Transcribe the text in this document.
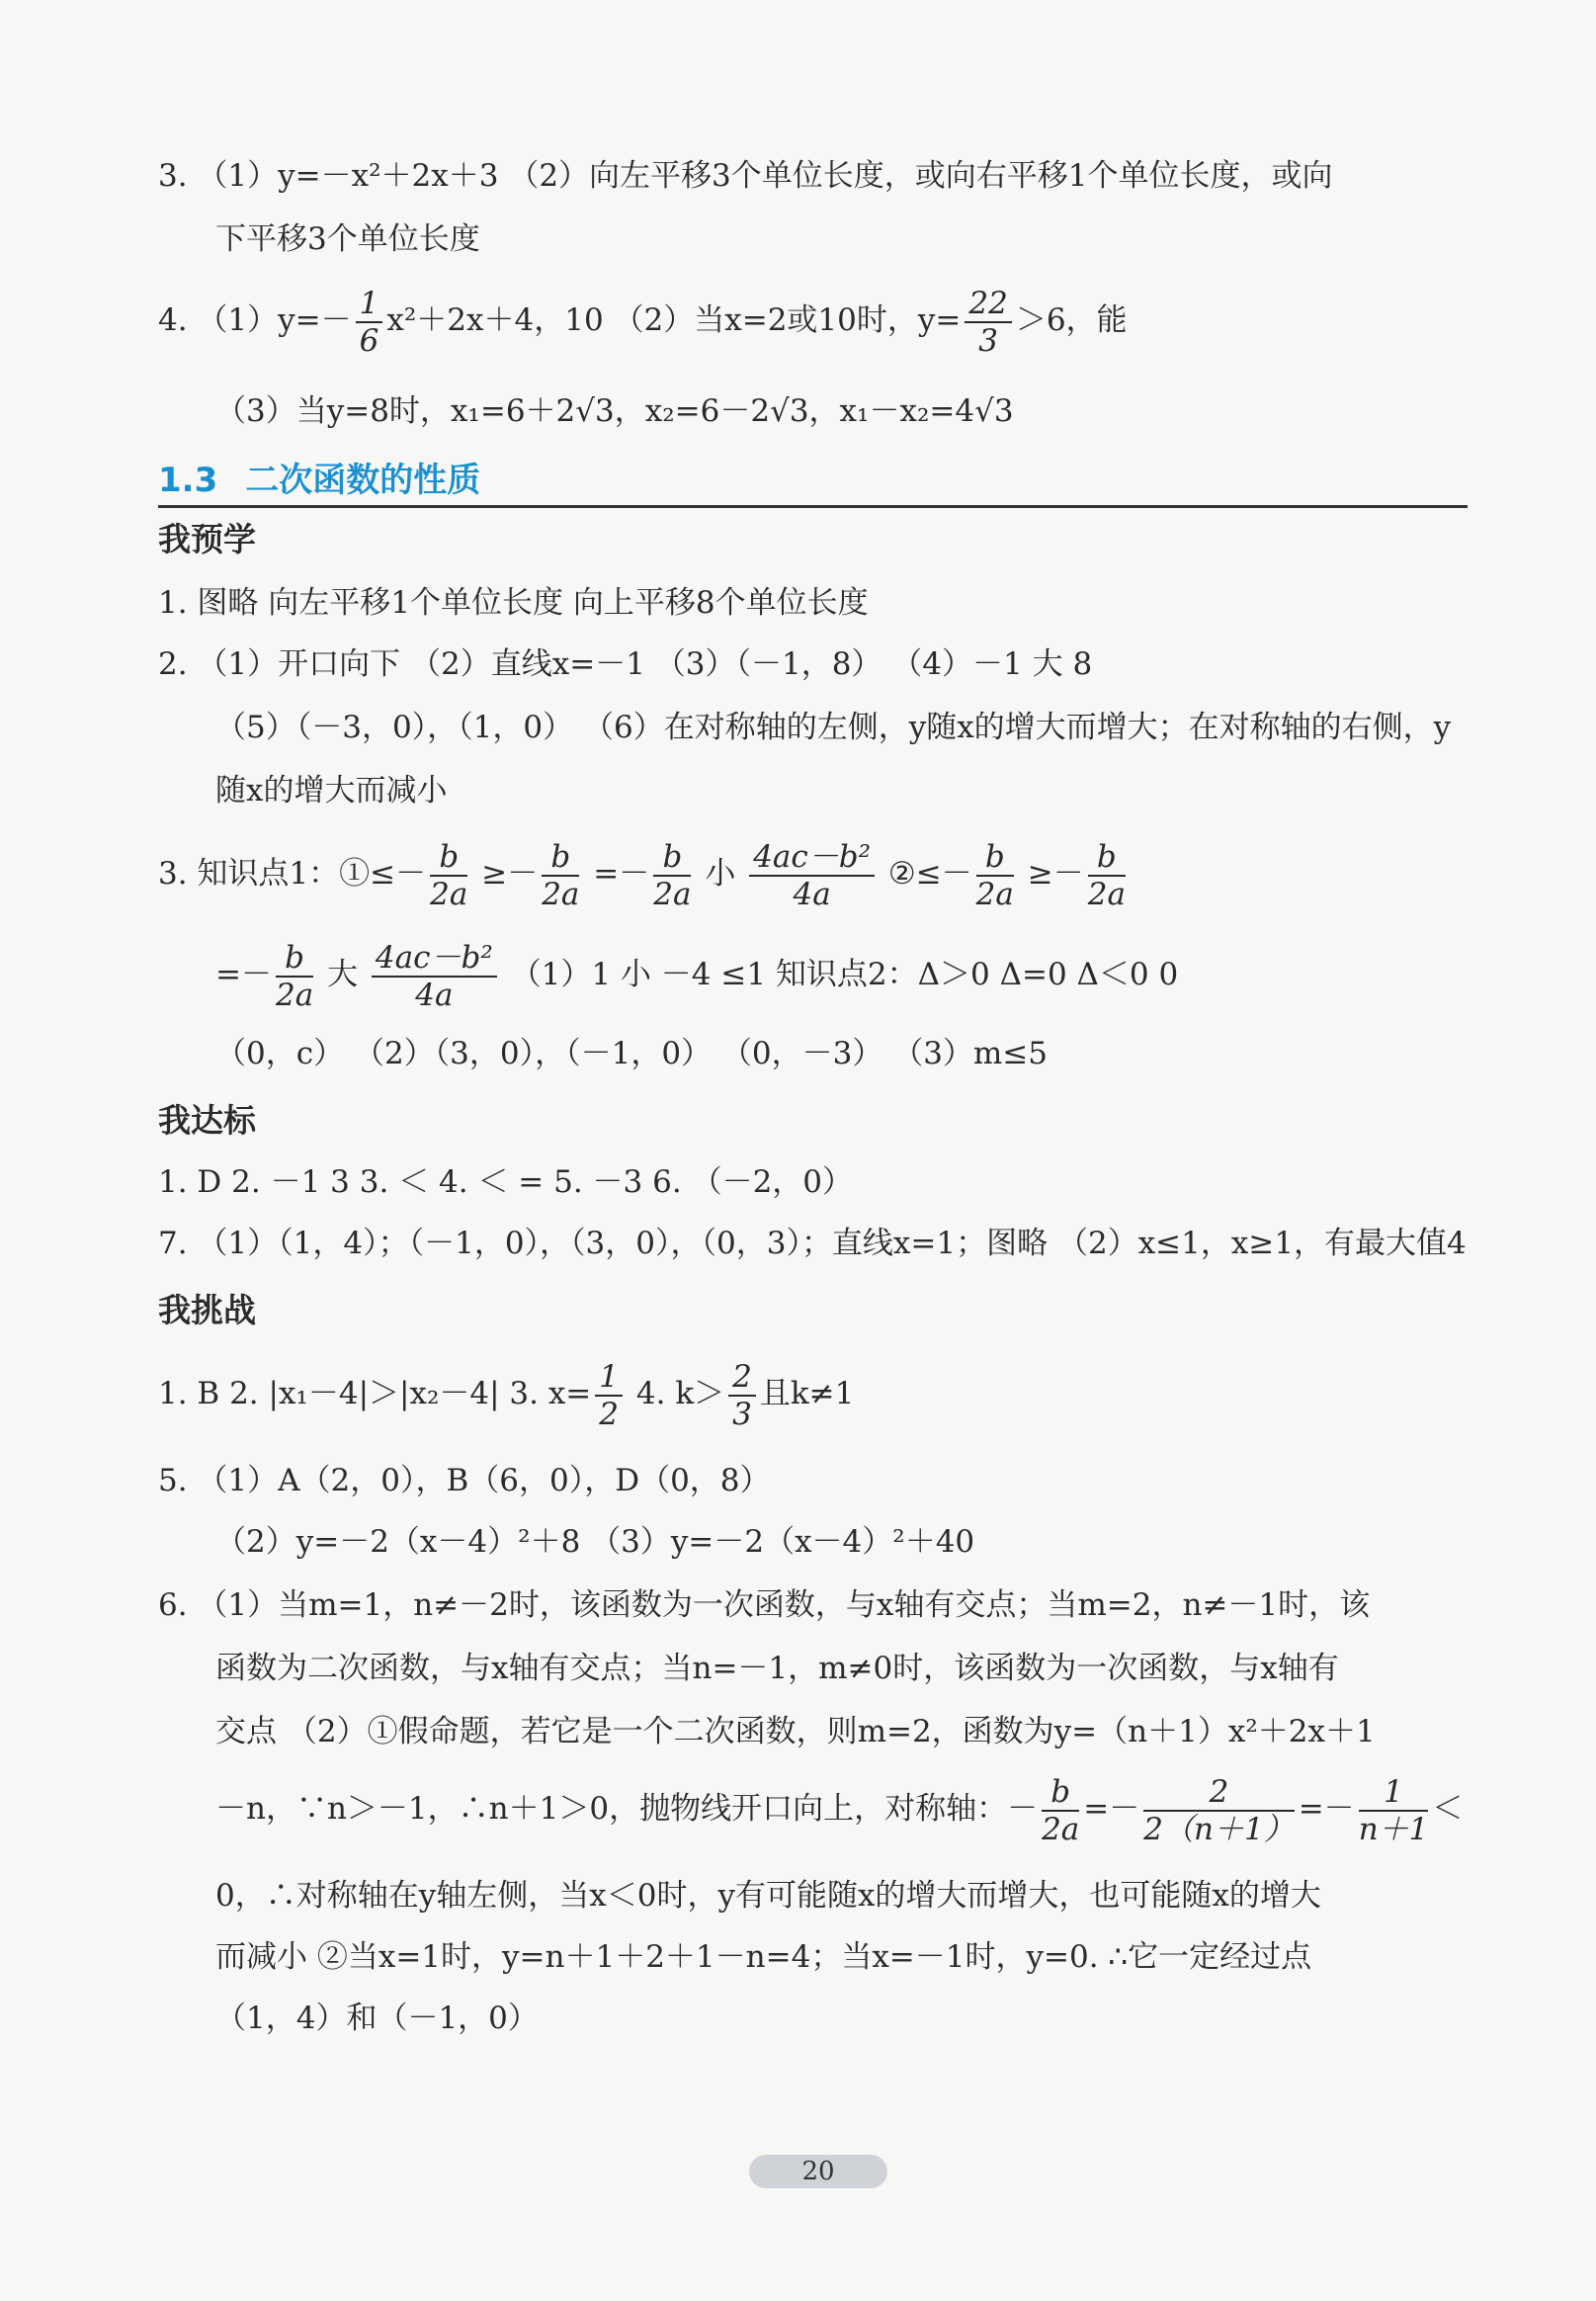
3. （1）y=－x²＋2x＋3 （2）向左平移3个单位长度，或向右平移1个单位长度，或向
下平移3个单位长度
4. $(1)y=- \frac{1}{6} x^2+2x+4$，10 （2）当x=2或10时，$y= \frac{22}{3} >6$，能
（3）当y=8时，x₁=6＋2√3，x₂=6－2√3，x₁－x₂=4√3
1.3 二次函数的性质
我预学
1. 图略 向左平移1个单位长度 向上平移8个单位长度
2. （1）开口向下 （2）直线x=－1 （3）（－1，8） （4）－1 大 8
（5）（－3，0），（1，0） （6）在对称轴的左侧，y随x的增大而增大；在对称轴的右侧，y
随x的增大而减小
3. 知识点1：①≤－ $\frac{b}{2a} \ge- \frac{b}{2a} =- \frac{b}{2a}$ 小 $\frac{\text{4ac－b²}}{4a}$ ②≤－ $\frac{b}{2a} \ge- \frac{b}{2a}$
=－ $\frac{b}{2a}$ 大 $\frac{\text{4ac－b²}}{4a} (1)1$ 小 －4 ≤1 知识点2：Δ＞0 Δ=0 Δ＜0 0
（0，c） （2）（3，0），（－1，0） （0，－3） （3）m≤5
我达标
1. D 2. －1 3 3. ＜ 4. ＜ = 5. －3 6. （－2，0）
7. （1）（1，4）；（－1，0），（3，0），（0，3）；直线x=1；图略 （2）x≤1，x≥1，有最大值4
我挑战
1. B 2. |x₁－4|＞|x₂－4| 3. $x= \frac{1}{2} 4$. $k> \frac{2}{3}$ 且k≠1
5. （1）A（2，0），B（6，0），D（0，8）
（2）y=－2（x－4）²＋8 （3）y=－2（x－4）²＋40
6. （1）当m=1，n≠－2时，该函数为一次函数，与x轴有交点；当m=2，n≠－1时，该
函数为二次函数，与x轴有交点；当n=－1，m≠0时，该函数为一次函数，与x轴有
交点 （2）①假命题，若它是一个二次函数，则m=2，函数为y=（n＋1）x²＋2x＋1
－n，∵n＞－1，∴n＋1＞0，抛物线开口向上，对称轴：－ $\frac{b}{2a} =- \frac{2}{2(n+1)} =- \frac{1}{n+1}$ ＜
0，∴对称轴在y轴左侧，当x＜0时，y有可能随x的增大而增大，也可能随x的增大
而减小 ②当x=1时，y=n＋1＋2＋1－n=4；当x=－1时，y=0. ∴它一定经过点
（1，4）和（－1，0）
20
